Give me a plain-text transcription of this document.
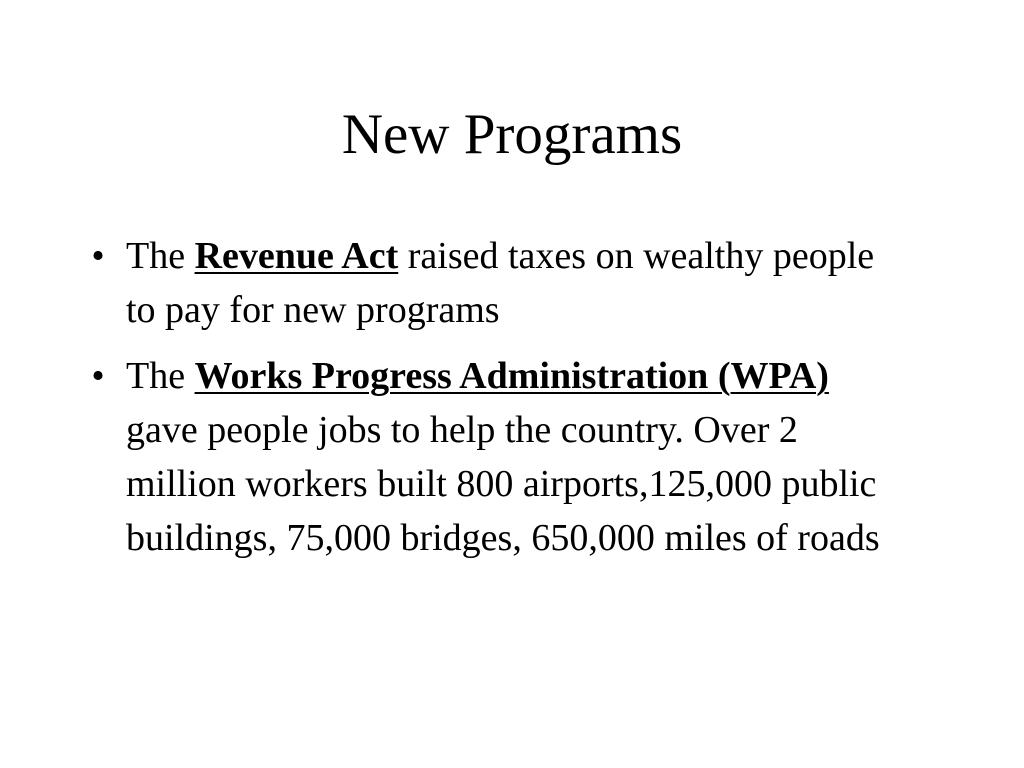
New Programs
• The Revenue Act raised taxes on wealthy people to pay for new programs
• The Works Progress Administration (WPA) gave people jobs to help the country. Over 2 million workers built 800 airports,125,000 public buildings, 75,000 bridges, 650,000 miles of roads
